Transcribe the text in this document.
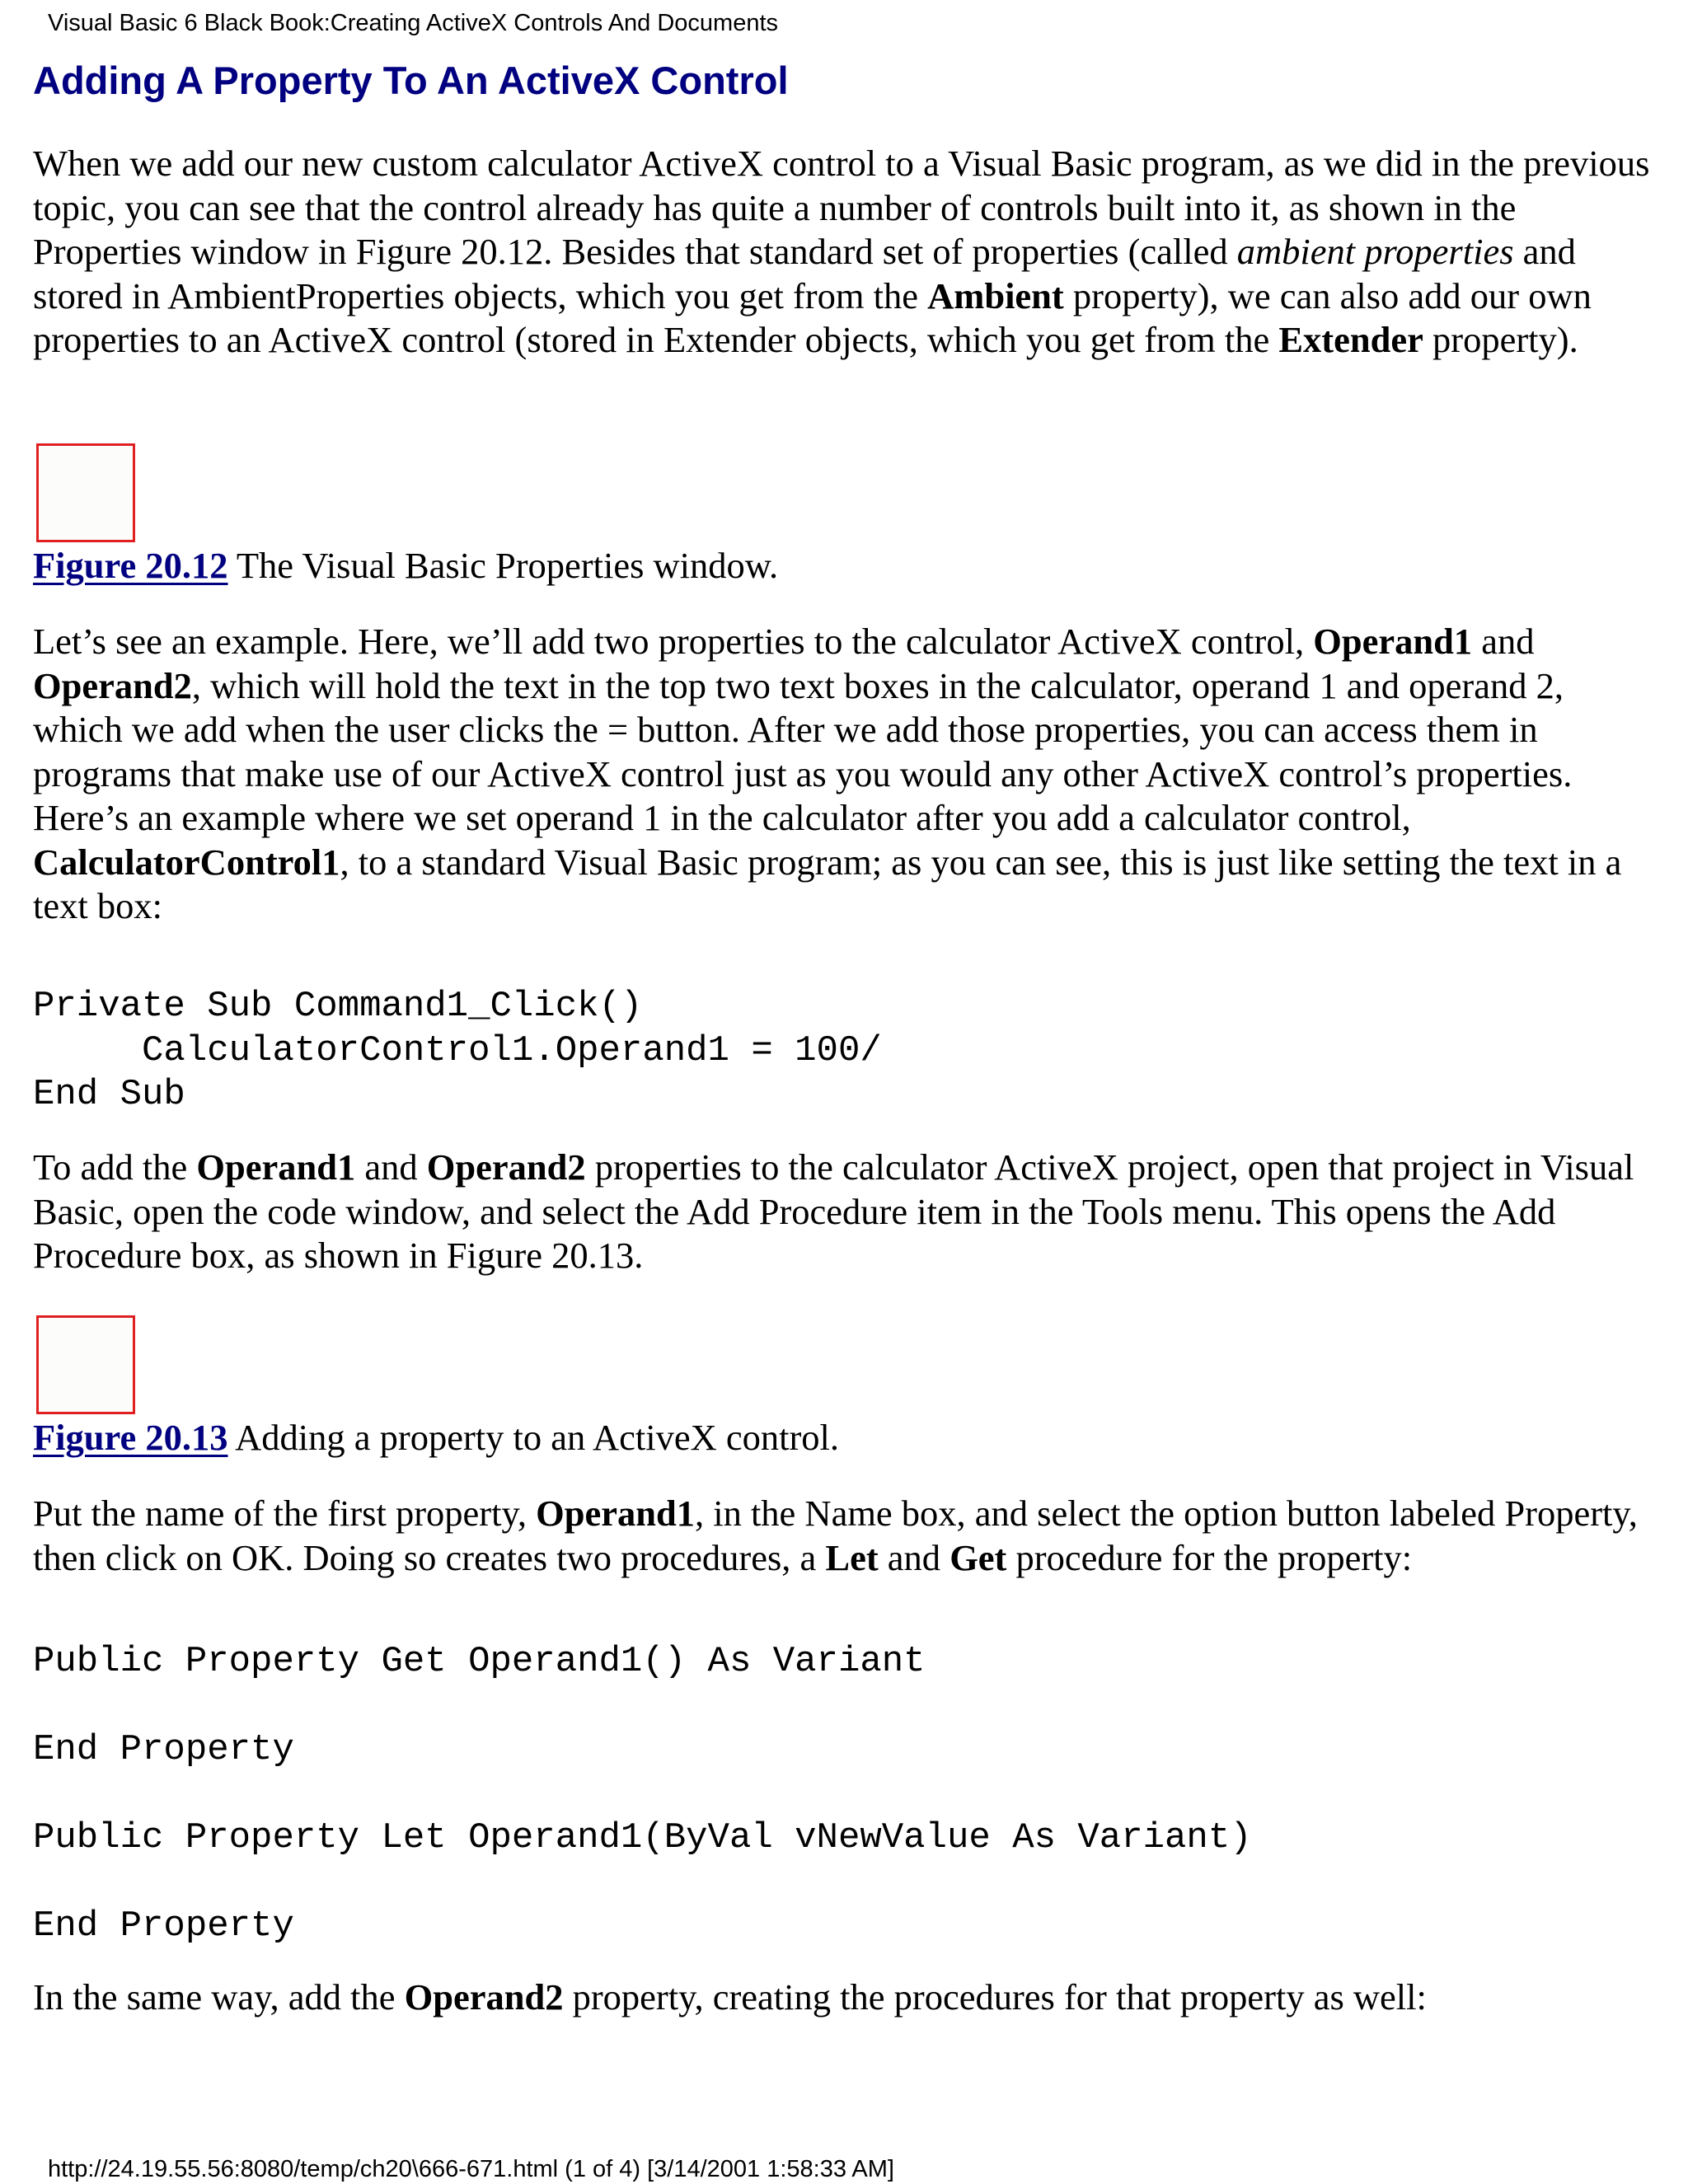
Visual Basic 6 Black Book:Creating ActiveX Controls And Documents
Adding A Property To An ActiveX Control

When we add our new custom calculator ActiveX control to a Visual Basic program, as we did in the previous topic, you can see that the control already has quite a number of controls built into it, as shown in the Properties window in Figure 20.12. Besides that standard set of properties (called ambient properties and stored in AmbientProperties objects, which you get from the Ambient property), we can also add our own properties to an ActiveX control (stored in Extender objects, which you get from the Extender property).

Figure 20.12 The Visual Basic Properties window.

Let’s see an example. Here, we’ll add two properties to the calculator ActiveX control, Operand1 and Operand2, which will hold the text in the top two text boxes in the calculator, operand 1 and operand 2, which we add when the user clicks the = button. After we add those properties, you can access them in programs that make use of our ActiveX control just as you would any other ActiveX control’s properties. Here’s an example where we set operand 1 in the calculator after you add a calculator control, CalculatorControl1, to a standard Visual Basic program; as you can see, this is just like setting the text in a text box:

Private Sub Command1_Click()
CalculatorControl1.Operand1 = 100/
End Sub

To add the Operand1 and Operand2 properties to the calculator ActiveX project, open that project in Visual Basic, open the code window, and select the Add Procedure item in the Tools menu. This opens the Add Procedure box, as shown in Figure 20.13.

Figure 20.13 Adding a property to an ActiveX control.

Put the name of the first property, Operand1, in the Name box, and select the option button labeled Property, then click on OK. Doing so creates two procedures, a Let and Get procedure for the property:

Public Property Get Operand1() As Variant
End Property
Public Property Let Operand1(ByVal vNewValue As Variant)
End Property

In the same way, add the Operand2 property, creating the procedures for that property as well:

http://24.19.55.56:8080/temp/ch20\666-671.html (1 of 4) [3/14/2001 1:58:33 AM]
